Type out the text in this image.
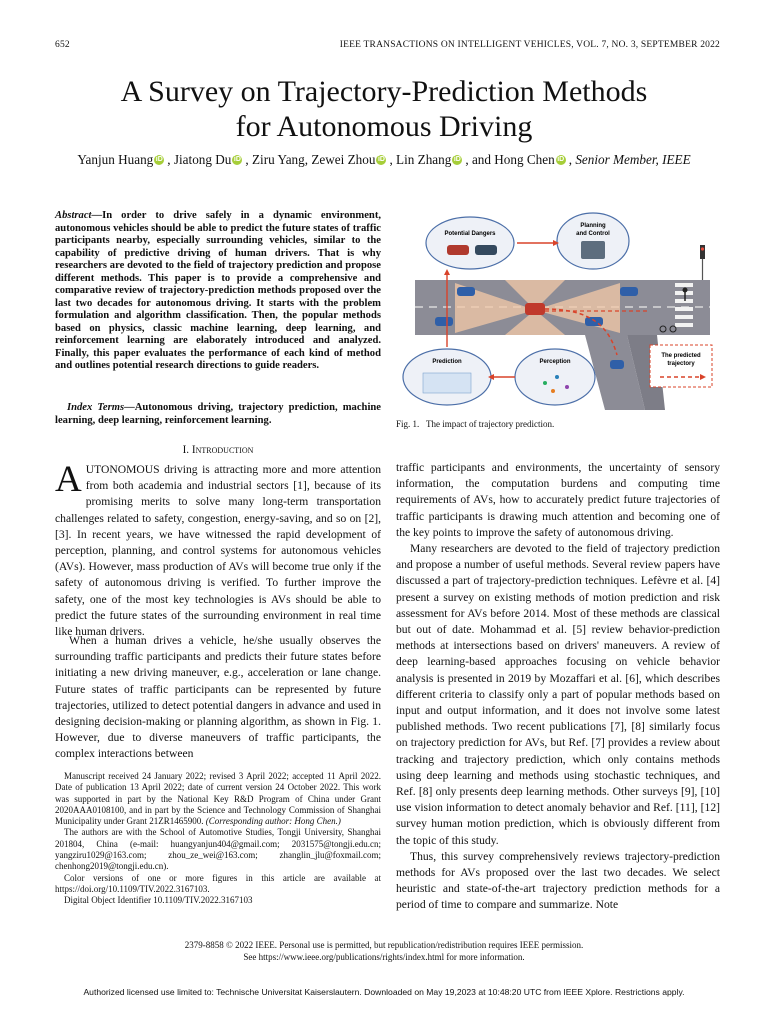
652	IEEE TRANSACTIONS ON INTELLIGENT VEHICLES, VOL. 7, NO. 3, SEPTEMBER 2022
A Survey on Trajectory-Prediction Methods
for Autonomous Driving
Yanjun Huang iD , Jiatong Du iD , Ziru Yang, Zewei Zhou iD , Lin Zhang iD , and Hong Chen iD , Senior Member, IEEE
Abstract—In order to drive safely in a dynamic environment, autonomous vehicles should be able to predict the future states of traffic participants nearby, especially surrounding vehicles, similar to the capability of predictive driving of human drivers. That is why researchers are devoted to the field of trajectory prediction and propose different methods. This paper is to provide a comprehensive and comparative review of trajectory-prediction methods proposed over the last two decades for autonomous driving. It starts with the problem formulation and algorithm classification. Then, the popular methods based on physics, classic machine learning, deep learning, and reinforcement learning are elaborately introduced and analyzed. Finally, this paper evaluates the performance of each kind of method and outlines potential research directions to guide readers.
Index Terms—Autonomous driving, trajectory prediction, machine learning, deep learning, reinforcement learning.
I. Introduction
AUTONOMOUS driving is attracting more and more attention from both academia and industrial sectors [1], because of its promising merits to solve many long-term transportation challenges related to safety, congestion, energy-saving, and so on [2], [3]. In recent years, we have witnessed the rapid development of perception, planning, and control systems for autonomous vehicles (AVs). However, mass production of AVs will become true only if the safety of autonomous driving is verified. To further improve the safety, one of the most key technologies is AVs should be able to predict the future states of the surrounding environment in real time like human drivers.

When a human drives a vehicle, he/she usually observes the surrounding traffic participants and predicts their future states before initiating a new driving maneuver, e.g., acceleration or lane change. Future states of traffic participants can be represented by future trajectories, utilized to detect potential dangers in advance and used in designing decision-making or planning algorithm, as shown in Fig. 1. However, due to diverse maneuvers of traffic participants, the complex interactions between

Manuscript received 24 January 2022; revised 3 April 2022; accepted 11 April 2022. Date of publication 13 April 2022; date of current version 24 October 2022. This work was supported in part by the National Key R&D Program of China under Grant 2020AAA0108100, and in part by the Science and Technology Commission of Shanghai Municipality under Grant 21ZR1465900. (Corresponding author: Hong Chen.)

The authors are with the School of Automotive Studies, Tongji University, Shanghai 201804, China (e-mail: huangyanjun404@gmail.com; 2031575@tongji.edu.cn; yangziru1029@163.com; zhou_ze_wei@163.com; zhanglin_jlu@foxmail.com; chenhong2019@tongji.edu.cn).

Color versions of one or more figures in this article are available at https://doi.org/10.1109/TIV.2022.3167103.

Digital Object Identifier 10.1109/TIV.2022.3167103

Potential Dangers
Planning
and Control
Prediction	Perception
The predicted
trajectory
Fig. 1. The impact of trajectory prediction.

traffic participants and environments, the uncertainty of sensory information, the computation burdens and computing time requirements of AVs, how to accurately predict future trajectories of traffic participants is drawing much attention and becoming one of the key points to improve the safety of autonomous driving.

Many researchers are devoted to the field of trajectory prediction and propose a number of useful methods. Several review papers have discussed a part of trajectory-prediction techniques. Lefèvre et al. [4] present a survey on existing methods of motion prediction and risk assessment for AVs before 2014. Most of these methods are classical but out of date. Mohammad et al. [5] review behavior-prediction methods at intersections based on drivers' maneuvers. A review of deep learning-based approaches focusing on vehicle behavior analysis is presented in 2019 by Mozaffari et al. [6], which describes different criteria to classify only a part of popular methods based on input and output information, and it does not involve some latest published methods. Two recent publications [7], [8] similarly focus on trajectory prediction for AVs, but Ref. [7] provides a review about tracking and trajectory prediction, which only contains methods using deep learning and methods using stochastic techniques, and Ref. [8] only presents deep learning methods. Other surveys [9], [10] use vision information to detect anomaly behavior and Ref. [11], [12] survey human motion prediction, which is obviously different from the topic of this study.

Thus, this survey comprehensively reviews trajectory-prediction methods for AVs proposed over the last two decades. We select heuristic and state-of-the-art trajectory prediction methods for a period of time to compare and summarize. Note

2379-8858 © 2022 IEEE. Personal use is permitted, but republication/redistribution requires IEEE permission.
See https://www.ieee.org/publications/rights/index.html for more information.
Authorized licensed use limited to: Technische Universitat Kaiserslautern. Downloaded on May 19,2023 at 10:48:20 UTC from IEEE Xplore. Restrictions apply.
